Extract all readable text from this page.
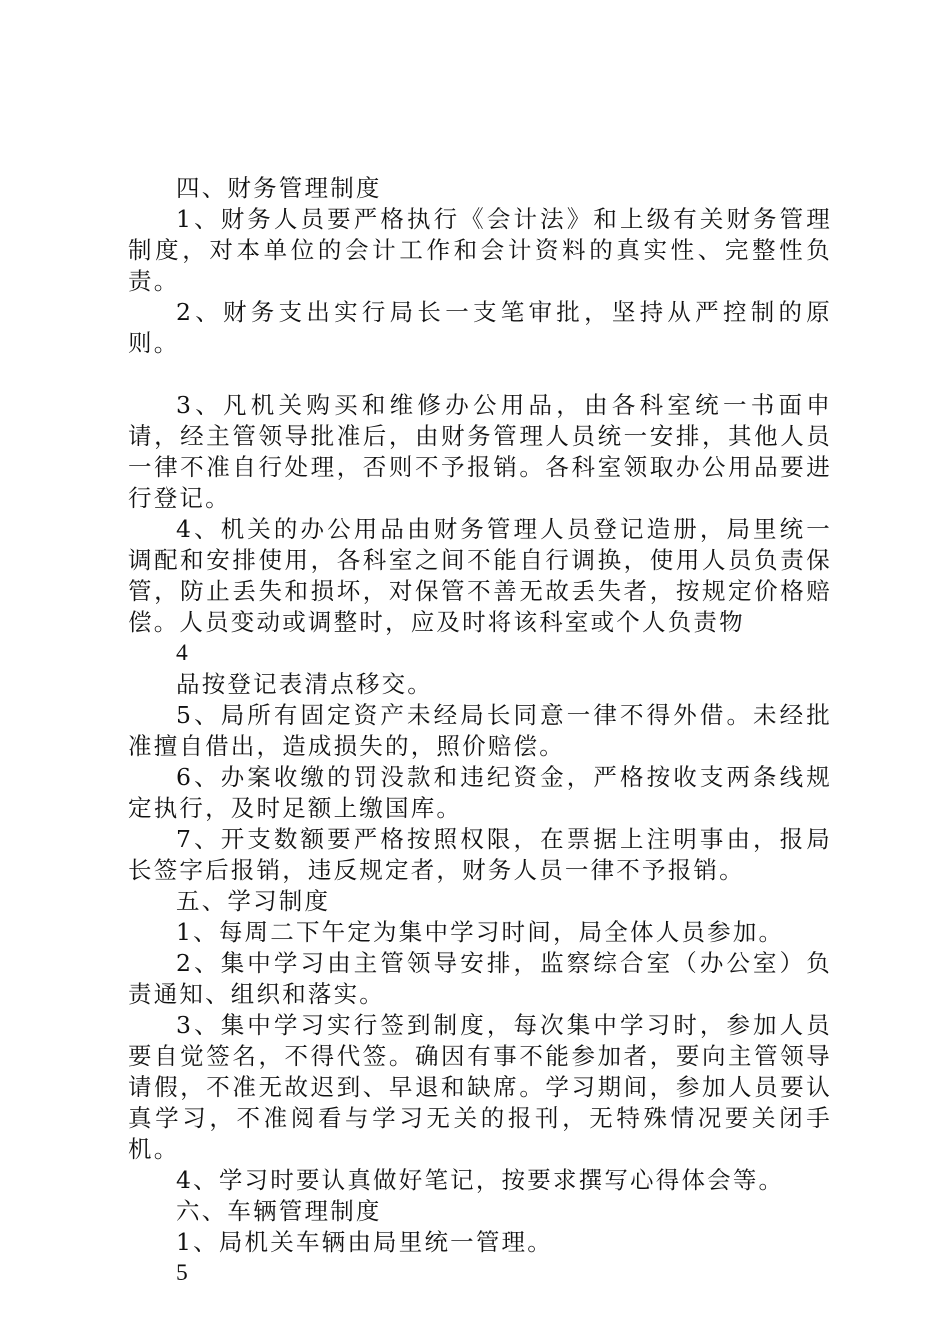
四、财务管理制度

1、财务人员要严格执行《会计法》和上级有关财务管理制度，对本单位的会计工作和会计资料的真实性、完整性负责。

2、财务支出实行局长一支笔审批，坚持从严控制的原则。

3、凡机关购买和维修办公用品，由各科室统一书面申请，经主管领导批准后，由财务管理人员统一安排，其他人员一律不准自行处理，否则不予报销。各科室领取办公用品要进行登记。

4、机关的办公用品由财务管理人员登记造册，局里统一调配和安排使用，各科室之间不能自行调换，使用人员负责保管，防止丢失和损坏，对保管不善无故丢失者，按规定价格赔偿。人员变动或调整时，应及时将该科室或个人负责物

4

品按登记表清点移交。

5、局所有固定资产未经局长同意一律不得外借。未经批准擅自借出，造成损失的，照价赔偿。

6、办案收缴的罚没款和违纪资金，严格按收支两条线规定执行，及时足额上缴国库。

7、开支数额要严格按照权限，在票据上注明事由，报局长签字后报销，违反规定者，财务人员一律不予报销。

五、学习制度

1、每周二下午定为集中学习时间，局全体人员参加。

2、集中学习由主管领导安排，监察综合室（办公室）负责通知、组织和落实。

3、集中学习实行签到制度，每次集中学习时，参加人员要自觉签名，不得代签。确因有事不能参加者，要向主管领导请假，不准无故迟到、早退和缺席。学习期间，参加人员要认真学习，不准阅看与学习无关的报刊，无特殊情况要关闭手机。

4、学习时要认真做好笔记，按要求撰写心得体会等。

六、车辆管理制度

1、局机关车辆由局里统一管理。

5
